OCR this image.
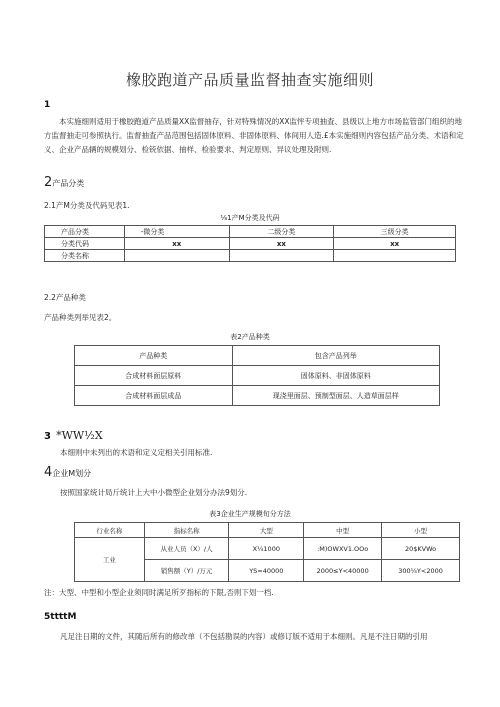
橡胶跑道产品质量监督抽查实施细则
1
本实施细则适用于橡胶跑道产品质量XX监督抽存，针对特殊情况的XX监怦专项抽査、县级以上地方市场监管部门组织的地方监督抽走可参照执行。监督抽査产品范围包括固体原料、非固体原料、体间用人造.£本实施细则内容包括产品分类、术语和定义、企业产品辆的规模划分、检铳依据、抽样、检验要求、判定原则、异议处理及附则.
2产品分类
2.1产M分类及代码见表1.
⅛1产M分类及代码
产品分类	-微分类	二级分类	三级分类
分类代码	xx	xx	xx
分类名称			
2.2产品种类
产品种类列举见表2。
表2产品种类
产品种类	包含产品列举
合成材料面层原料	固体原料、非固体原料
合成材料面层成品	现浇里面层、预制型面层、人造草面层样
3 *WW½X
本细则中未列出的术语和定义定相关引用标准.
4企业M划分
按照国家统计局斤统计上大中小微型企业划分办法9划分.
表3企业生产规模旬分方法
行业名称	指标名称	大型	中型	小型
工业	从业人员（X）/人	X¼1000	:M)OWXV1.OOo	20$KVWo
	销售额（Y）/万元	YS=40000	2000≤Y<40000	300¼Y<2000
注：大型、中型和小型企业须同时满足所歹指标的下限,否则下划一档.
5ttttM
凡足注日期的文件，其随后所有的修改单（不包括勘误的内容）或修订版不适用于本细则。凡是不注日期的引用
